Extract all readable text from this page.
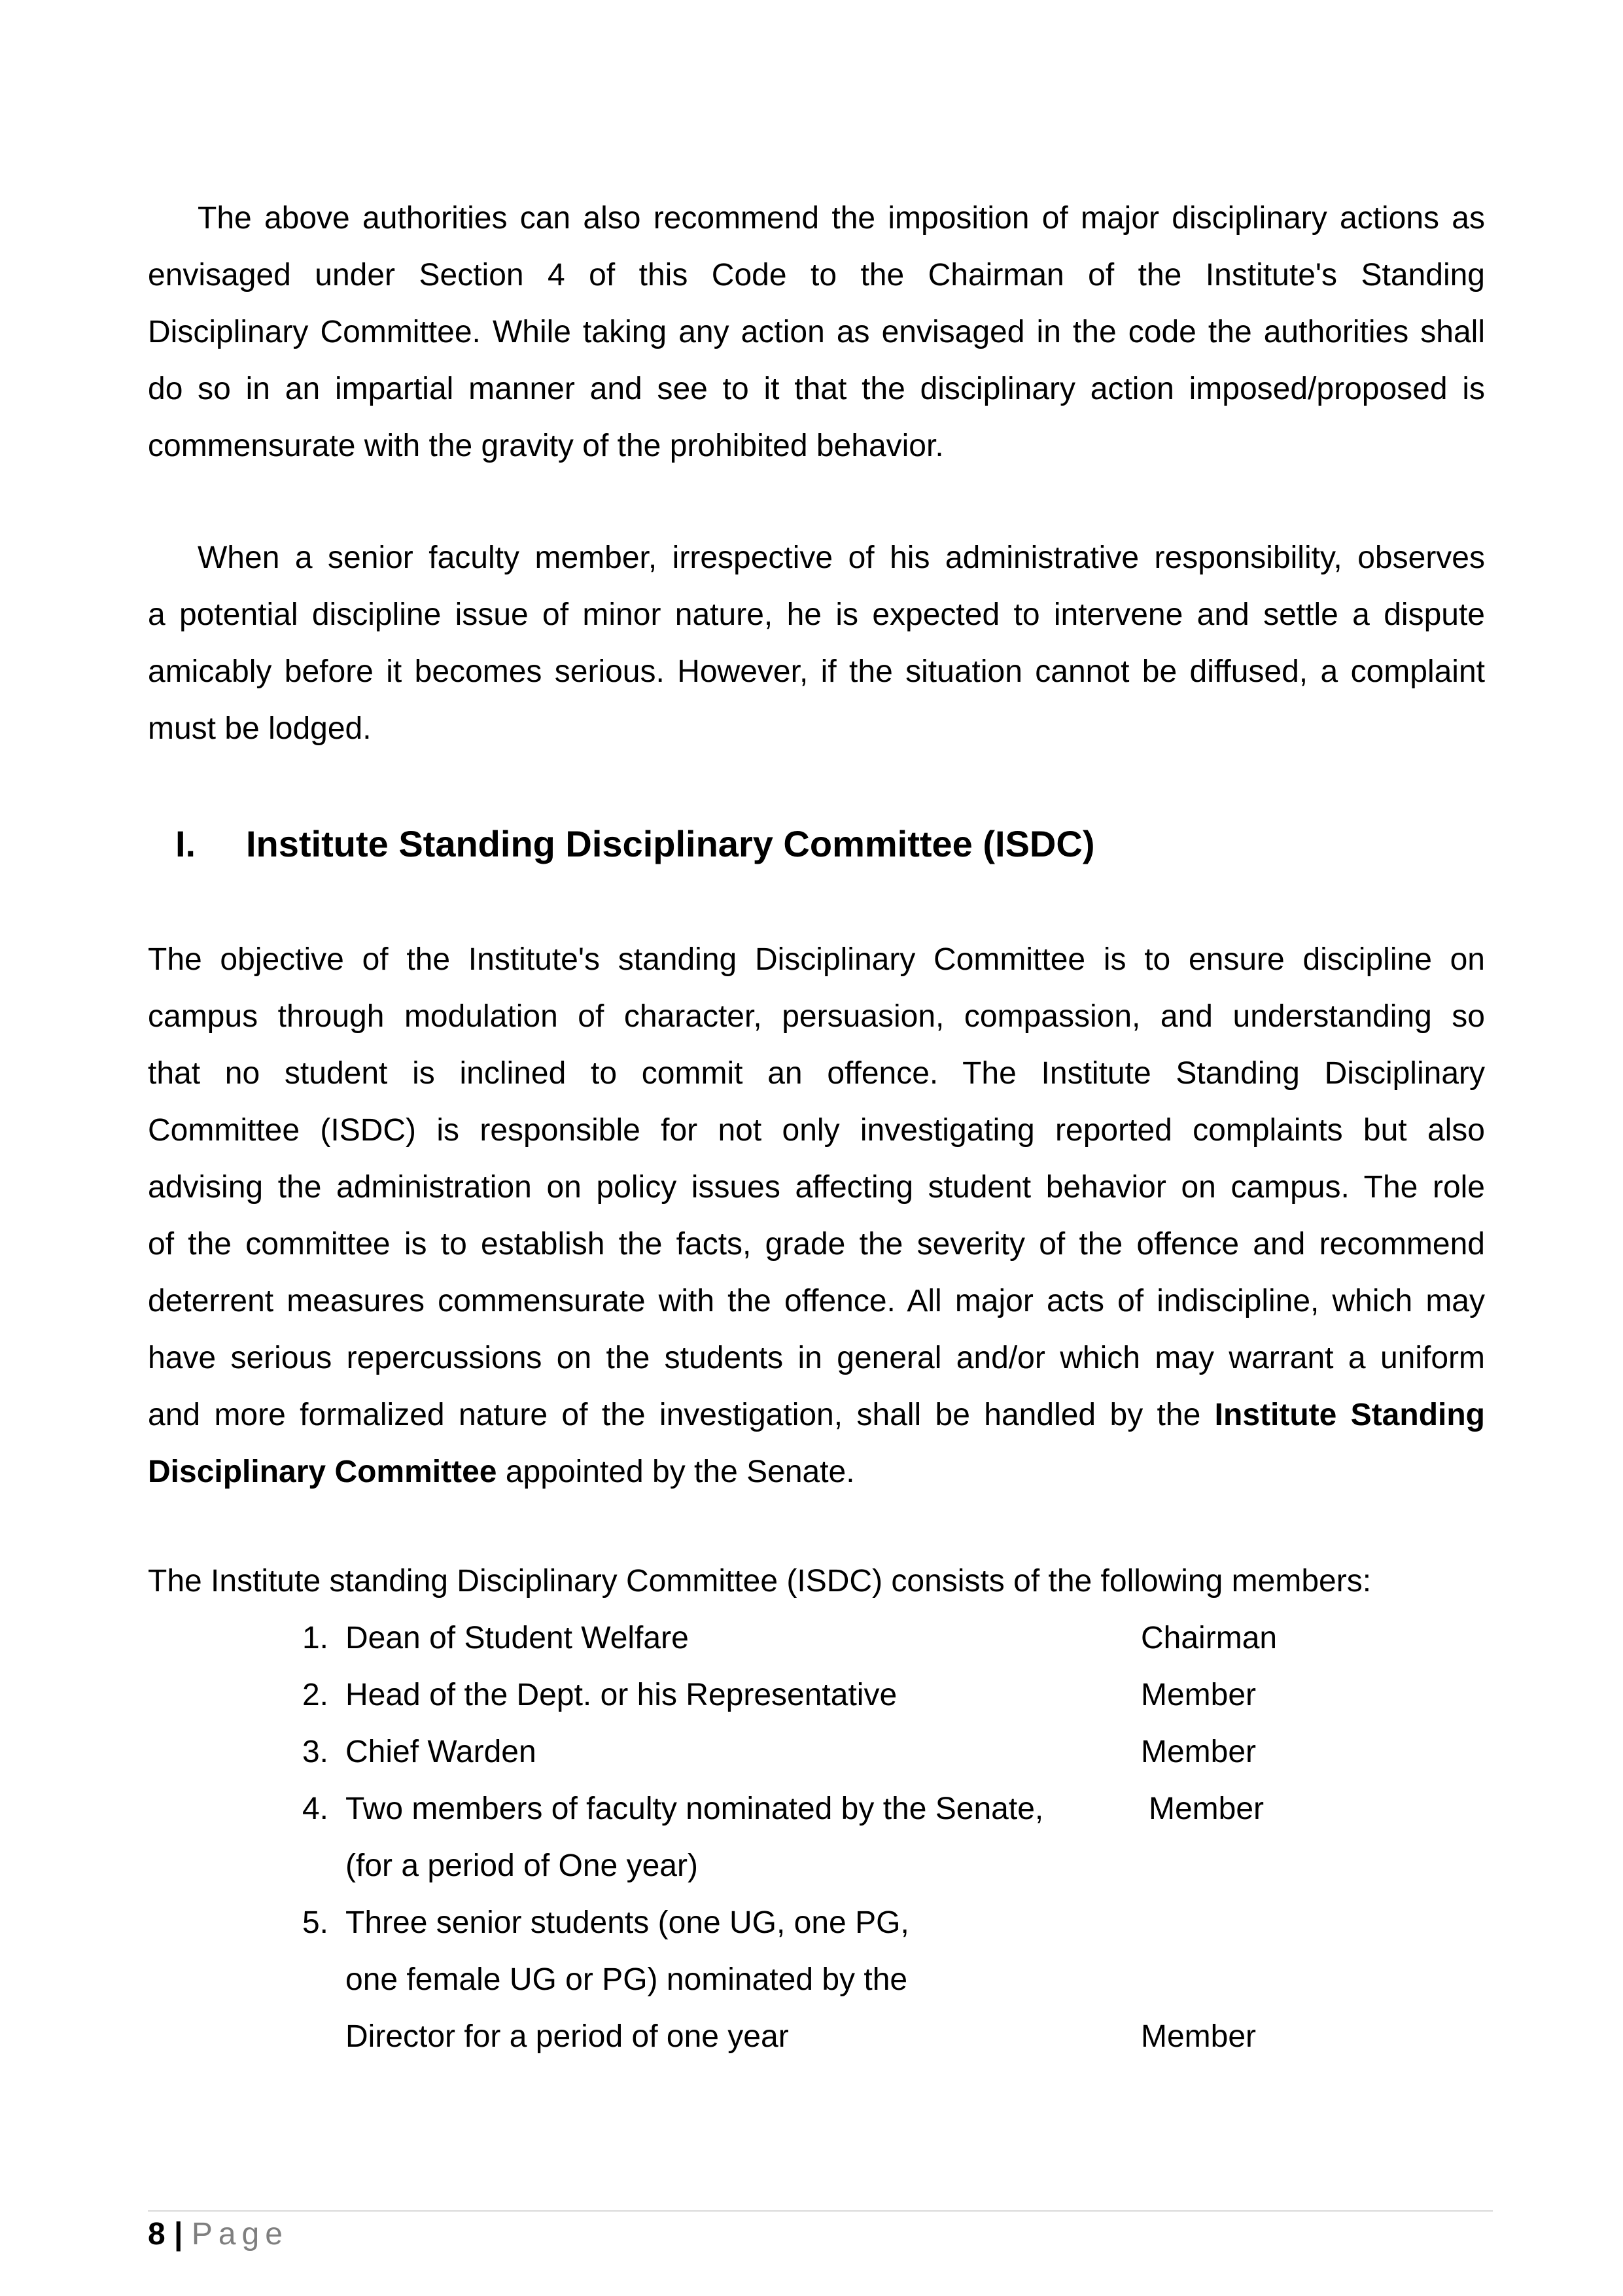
The above authorities can also recommend the imposition of major disciplinary actions as
envisaged under Section 4 of this Code to the Chairman of the Institute's Standing
Disciplinary Committee. While taking any action as envisaged in the code the authorities shall
do so in an impartial manner and see to it that the disciplinary action imposed/proposed is
commensurate with the gravity of the prohibited behavior.
When a senior faculty member, irrespective of his administrative responsibility, observes
a potential discipline issue of minor nature, he is expected to intervene and settle a dispute
amicably before it becomes serious. However, if the situation cannot be diffused, a complaint
must be lodged.
I. Institute Standing Disciplinary Committee (ISDC)
The objective of the Institute's standing Disciplinary Committee is to ensure discipline on
campus through modulation of character, persuasion, compassion, and understanding so
that no student is inclined to commit an offence. The Institute Standing Disciplinary
Committee (ISDC) is responsible for not only investigating reported complaints but also
advising the administration on policy issues affecting student behavior on campus. The role
of the committee is to establish the facts, grade the severity of the offence and recommend
deterrent measures commensurate with the offence. All major acts of indiscipline, which may
have serious repercussions on the students in general and/or which may warrant a uniform
and more formalized nature of the investigation, shall be handled by the Institute Standing
Disciplinary Committee appointed by the Senate.
The Institute standing Disciplinary Committee (ISDC) consists of the following members:
1. Dean of Student Welfare	Chairman
2. Head of the Dept. or his Representative	Member
3. Chief Warden	Member
4. Two members of faculty nominated by the Senate,	Member
(for a period of One year)
5. Three senior students (one UG, one PG,
one female UG or PG) nominated by the
Director for a period of one year	Member
8 | Page
